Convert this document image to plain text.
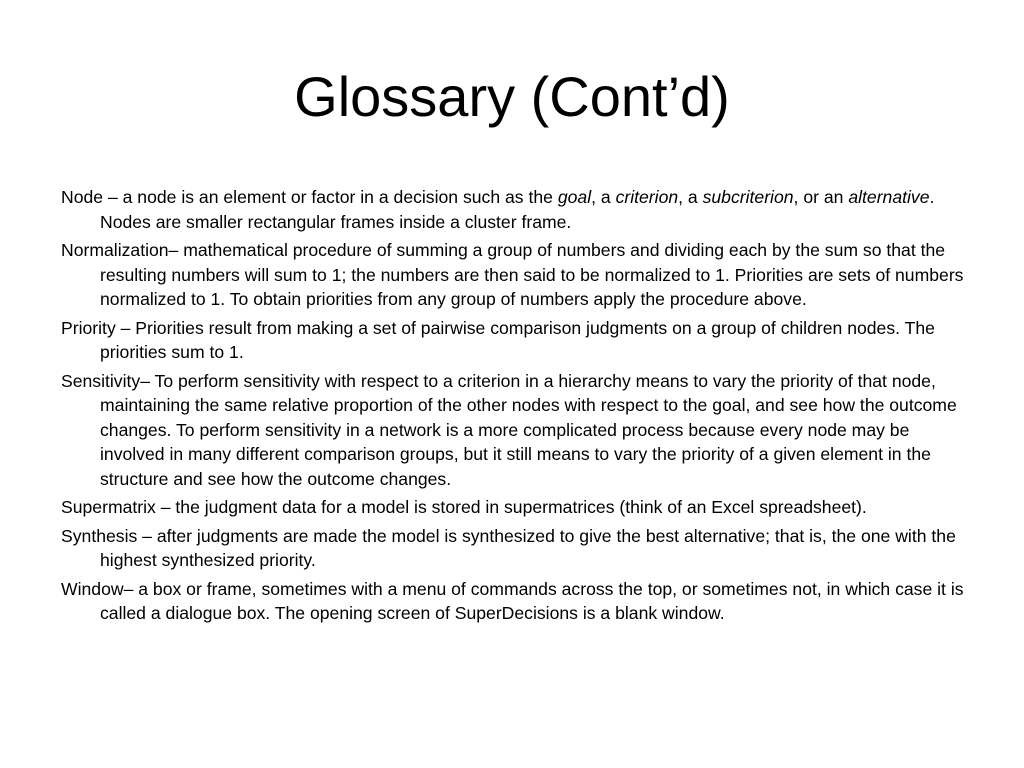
Glossary (Cont’d)
Node – a node is an element or factor in a decision such as the goal, a criterion, a subcriterion, or an alternative. Nodes are smaller rectangular frames inside a cluster frame.
Normalization– mathematical procedure of summing a group of numbers and dividing each by the sum so that the resulting numbers will sum to 1; the numbers are then said to be normalized to 1. Priorities are sets of numbers normalized to 1. To obtain priorities from any group of numbers apply the procedure above.
Priority – Priorities result from making a set of pairwise comparison judgments on a group of children nodes. The priorities sum to 1.
Sensitivity– To perform sensitivity with respect to a criterion in a hierarchy means to vary the priority of that node, maintaining the same relative proportion of the other nodes with respect to the goal, and see how the outcome changes. To perform sensitivity in a network is a more complicated process because every node may be involved in many different comparison groups, but it still means to vary the priority of a given element in the structure and see how the outcome changes.
Supermatrix – the judgment data for a model is stored in supermatrices (think of an Excel spreadsheet).
Synthesis – after judgments are made the model is synthesized to give the best alternative; that is, the one with the highest synthesized priority.
Window– a box or frame, sometimes with a menu of commands across the top, or sometimes not, in which case it is called a dialogue box. The opening screen of SuperDecisions is a blank window.
